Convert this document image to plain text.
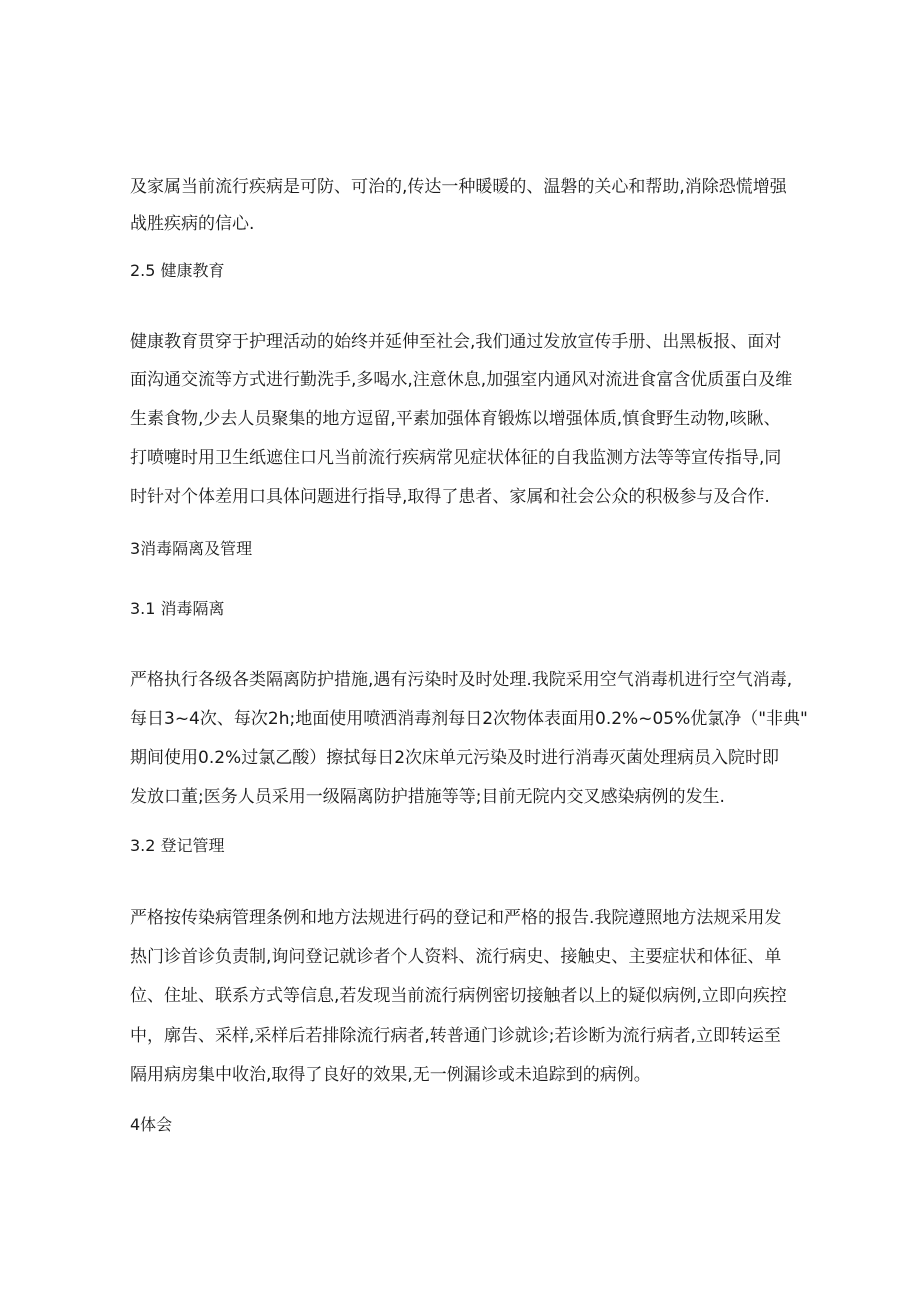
及家属当前流行疾病是可防、可治的,传达一种暖暖的、温磐的关心和帮助,消除恐慌增强

战胜疾病的信心.

2.5 健康教育

健康教育贯穿于护理活动的始终并延伸至社会,我们通过发放宣传手册、出黑板报、面对

面沟通交流等方式进行勤洗手,多喝水,注意休息,加强室内通风对流进食富含优质蛋白及维

生素食物,少去人员聚集的地方逗留,平素加强体育锻炼以增强体质,慎食野生动物,咳瞅、

打喷嚏时用卫生纸遮住口凡当前流行疾病常见症状体征的自我监测方法等等宣传指导,同

时针对个体差用口具体问题进行指导,取得了患者、家属和社会公众的积极参与及合作.

3消毒隔离及管理

3.1 消毒隔离

严格执行各级各类隔离防护措施,遇有污染时及时处理.我院采用空气消毒机进行空气消毒,

每日3~4次、每次2h;地面使用喷洒消毒剂每日2次物体表面用0.2%~05%优氯净（"非典"

期间使用0.2%过氯乙酸）擦拭每日2次床单元污染及时进行消毒灭菌处理病员入院时即

发放口董;医务人员采用一级隔离防护措施等等;目前无院内交叉感染病例的发生.

3.2 登记管理

严格按传染病管理条例和地方法规进行码的登记和严格的报告.我院遵照地方法规采用发

热门诊首诊负责制,询问登记就诊者个人资料、流行病史、接触史、主要症状和体征、单

位、住址、联系方式等信息,若发现当前流行病例密切接触者以上的疑似病例,立即向疾控

中，廓告、采样,采样后若排除流行病者,转普通门诊就诊;若诊断为流行病者,立即转运至

隔用病房集中收治,取得了良好的效果,无一例漏诊或未追踪到的病例。

4体会
